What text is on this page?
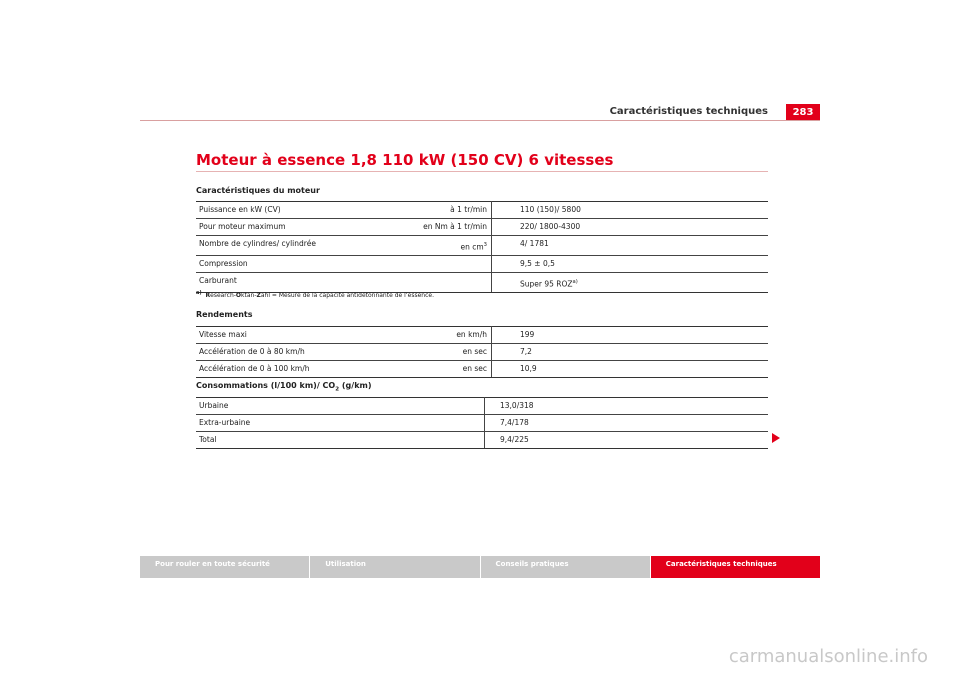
Caractéristiques techniques	283
Moteur à essence 1,8 110 kW (150 CV) 6 vitesses
Caractéristiques du moteur
Puissance en kW (CV)	à 1 tr/min	110 (150)/ 5800
Pour moteur maximum	en Nm à 1 tr/min	220/ 1800-4300
Nombre de cylindres/ cylindrée	en $cm^3$	4/ 1781
Compression		9,5 ± 0,5
Carburant		Super 95 ROZ$^{a)}$
$^{a)}$ Research-Oktan-Zahl = Mesure de la capacité antidétonnante de l’essence.
Rendements
Vitesse maxi	en km/h	199
Accélération de 0 à 80 km/h	en sec	7,2
Accélération de 0 à 100 km/h	en sec	10,9
Consommations (l/100 km)/ $CO_2$ (g/km)
Urbaine	13,0/318
Extra-urbaine	7,4/178
Total	9,4/225
Pour rouler en toute sécurité	Utilisation	Conseils pratiques	Caractéristiques techniques
carmanualsonline.info
